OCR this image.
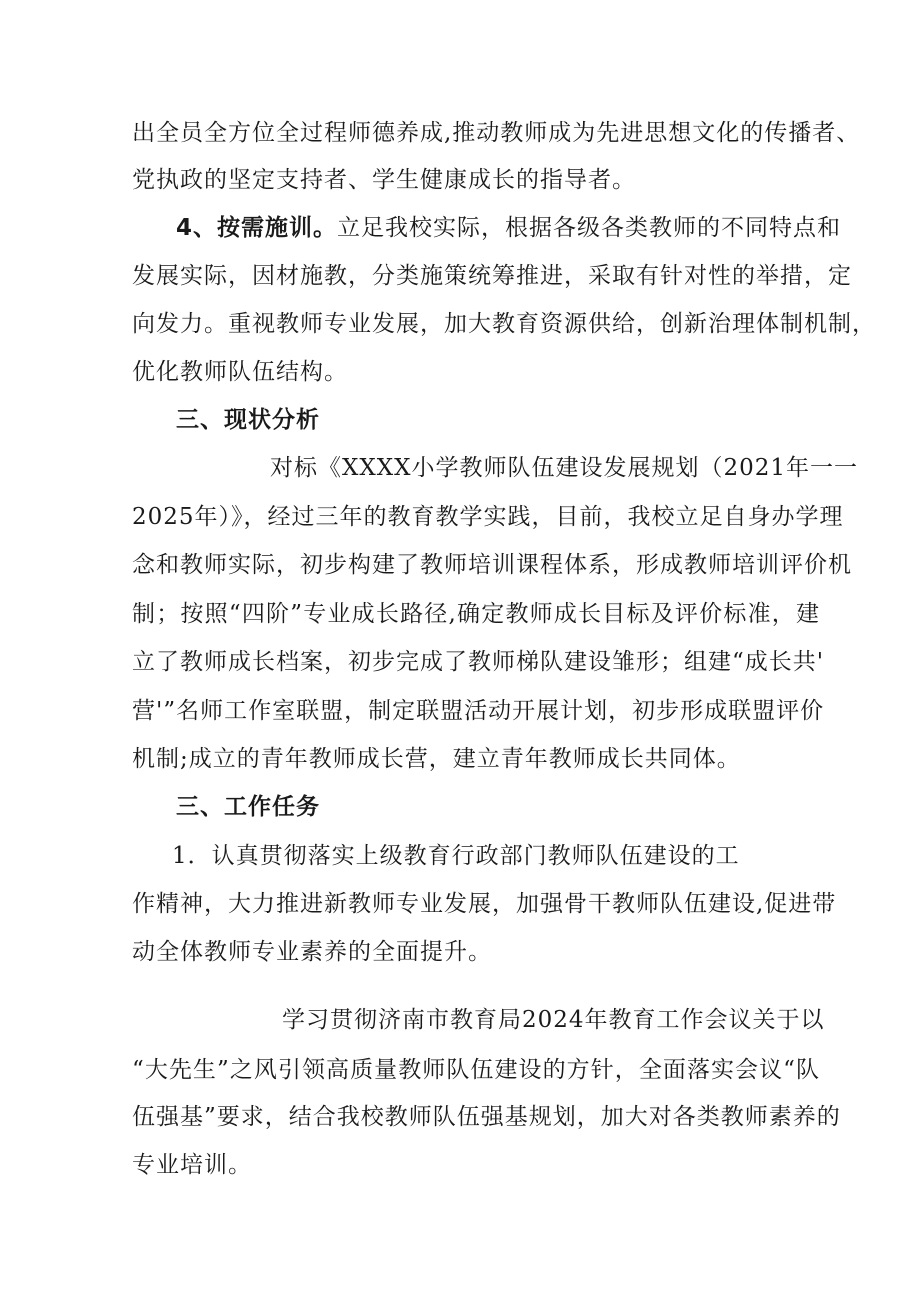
出全员全方位全过程师德养成,推动教师成为先进思想文化的传播者、
党执政的坚定支持者、学生健康成长的指导者。
4、按需施训。立足我校实际，根据各级各类教师的不同特点和
发展实际，因材施教，分类施策统筹推进，采取有针对性的举措，定
向发力。重视教师专业发展，加大教育资源供给，创新治理体制机制，
优化教师队伍结构。
三、现状分析
对标《XXXX小学教师队伍建设发展规划（2021年一一
2025年）》，经过三年的教育教学实践，目前，我校立足自身办学理
念和教师实际，初步构建了教师培训课程体系，形成教师培训评价机
制；按照“四阶”专业成长路径,确定教师成长目标及评价标准，建
立了教师成长档案，初步完成了教师梯队建设雏形；组建“成长共'
营'”名师工作室联盟，制定联盟活动开展计划，初步形成联盟评价
机制;成立的青年教师成长营，建立青年教师成长共同体。
三、工作任务
1．认真贯彻落实上级教育行政部门教师队伍建设的工
作精神，大力推进新教师专业发展，加强骨干教师队伍建设,促进带
动全体教师专业素养的全面提升。
学习贯彻济南市教育局2024年教育工作会议关于以
“大先生”之风引领高质量教师队伍建设的方针，全面落实会议“队
伍强基”要求，结合我校教师队伍强基规划，加大对各类教师素养的
专业培训。
